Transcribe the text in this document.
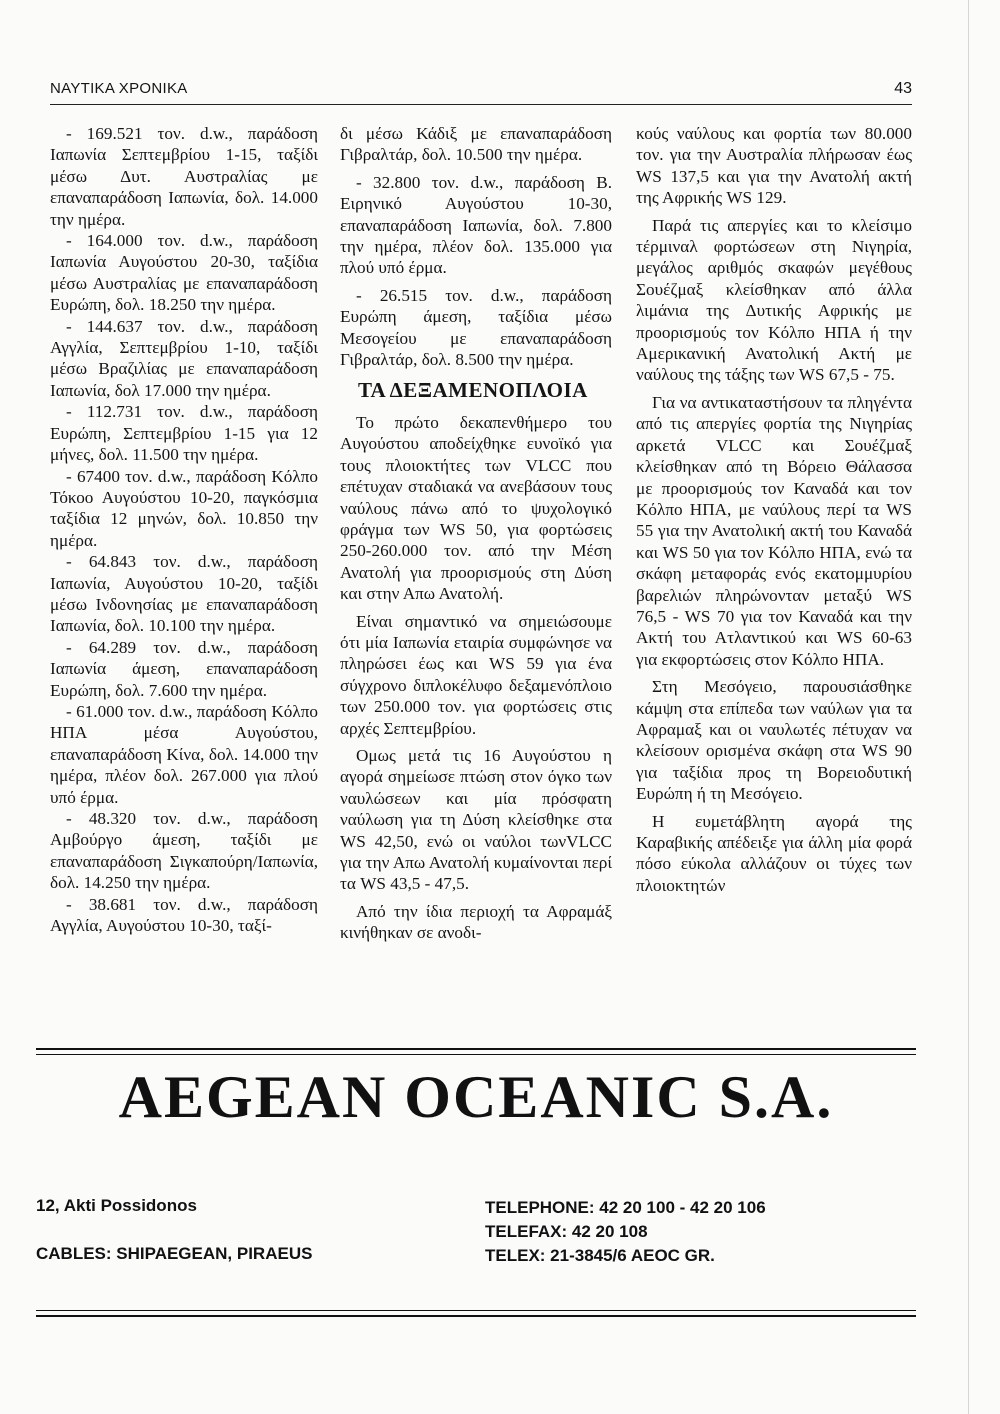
ΝΑΥΤΙΚΑ ΧΡΟΝΙΚΑ	43

- 169.521 τον. d.w., παράδοση Ιαπωνία Σεπτεμβρίου 1-15, ταξίδι μέσω Δυτ. Αυστραλίας με επαναπαράδοση Ιαπωνία, δολ. 14.000 την ημέρα.

- 164.000 τον. d.w., παράδοση Ιαπωνία Αυγούστου 20-30, ταξίδια μέσω Αυστραλίας με επαναπαράδοση Ευρώπη, δολ. 18.250 την ημέρα.

- 144.637 τον. d.w., παράδοση Αγγλία, Σεπτεμβρίου 1-10, ταξίδι μέσω Βραζιλίας με επαναπαράδοση Ιαπωνία, δολ 17.000 την ημέρα.

- 112.731 τον. d.w., παράδοση Ευρώπη, Σεπτεμβρίου 1-15 για 12 μήνες, δολ. 11.500 την ημέρα.

- 67400 τον. d.w., παράδοση Κόλπο Τόκοο Αυγούστου 10-20, παγκόσμια ταξίδια 12 μηνών, δολ. 10.850 την ημέρα.

- 64.843 τον. d.w., παράδοση Ιαπωνία, Αυγούστου 10-20, ταξίδι μέσω Ινδονησίας με επαναπαράδοση Ιαπωνία, δολ. 10.100 την ημέρα.

- 64.289 τον. d.w., παράδοση Ιαπωνία άμεση, επαναπαράδοση Ευρώπη, δολ. 7.600 την ημέρα.

- 61.000 τον. d.w., παράδοση Κόλπο ΗΠΑ μέσα Αυγούστου, επαναπαράδοση Κίνα, δολ. 14.000 την ημέρα, πλέον δολ. 267.000 για πλού υπό έρμα.

- 48.320 τον. d.w., παράδοση Αμβούργο άμεση, ταξίδι με επαναπαράδοση Σιγκαπούρη/Ιαπωνία, δολ. 14.250 την ημέρα.

- 38.681 τον. d.w., παράδοση Αγγλία, Αυγούστου 10-30, ταξί-

δι μέσω Κάδιξ με επαναπαράδοση Γιβραλτάρ, δολ. 10.500 την ημέρα.

- 32.800 τον. d.w., παράδοση Β. Ειρηνικό Αυγούστου 10-30, επαναπαράδοση Ιαπωνία, δολ. 7.800 την ημέρα, πλέον δολ. 135.000 για πλού υπό έρμα.

- 26.515 τον. d.w., παράδοση Ευρώπη άμεση, ταξίδια μέσω Μεσογείου με επαναπαράδοση Γιβραλτάρ, δολ. 8.500 την ημέρα.

ΤΑ ΔΕΞΑΜΕΝΟΠΛΟΙΑ

Το πρώτο δεκαπενθήμερο του Αυγούστου αποδείχθηκε ευνοϊκό για τους πλοιοκτήτες των VLCC που επέτυχαν σταδιακά να ανεβάσουν τους ναύλους πάνω από το ψυχολογικό φράγμα των WS 50, για φορτώσεις 250-260.000 τον. από την Μέση Ανατολή για προορισμούς στη Δύση και στην Απω Ανατολή.

Είναι σημαντικό να σημειώσουμε ότι μία Ιαπωνία εταιρία συμφώνησε να πληρώσει έως και WS 59 για ένα σύγχρονο διπλοκέλυφο δεξαμενόπλοιο των 250.000 τον. για φορτώσεις στις αρχές Σεπτεμβρίου.

Ομως μετά τις 16 Αυγούστου η αγορά σημείωσε πτώση στον όγκο των ναυλώσεων και μία πρόσφατη ναύλωση για τη Δύση κλείσθηκε στα WS 42,50, ενώ οι ναύλοι τωνVLCC για την Απω Ανατολή κυμαίνονται περί τα WS 43,5 - 47,5.

Από την ίδια περιοχή τα Αφραμάξ κινήθηκαν σε ανοδι-

κούς ναύλους και φορτία των 80.000 τον. για την Αυστραλία πλήρωσαν έως WS 137,5 και για την Ανατολή ακτή της Αφρικής WS 129.

Παρά τις απεργίες και το κλείσιμο τέρμιναλ φορτώσεων στη Νιγηρία, μεγάλος αριθμός σκαφών μεγέθους Σουέζμαξ κλείσθηκαν από άλλα λιμάνια της Δυτικής Αφρικής με προορισμούς τον Κόλπο ΗΠΑ ή την Αμερικανική Ανατολική Ακτή με ναύλους της τάξης των WS 67,5 - 75.

Για να αντικαταστήσουν τα πληγέντα από τις απεργίες φορτία της Νιγηρίας αρκετά VLCC και Σουέζμαξ κλείσθηκαν από τη Βόρειο Θάλασσα με προορισμούς τον Καναδά και τον Κόλπο ΗΠΑ, με ναύλους περί τα WS 55 για την Ανατολική ακτή του Καναδά και WS 50 για τον Κόλπο ΗΠΑ, ενώ τα σκάφη μεταφοράς ενός εκατομμυρίου βαρελιών πληρώνονταν μεταξύ WS 76,5 - WS 70 για τον Καναδά και την Ακτή του Ατλαντικού και WS 60-63 για εκφορτώσεις στον Κόλπο ΗΠΑ.

Στη Μεσόγειο, παρουσιάσθηκε κάμψη στα επίπεδα των ναύλων για τα Αφραμαξ και οι ναυλωτές πέτυχαν να κλείσουν ορισμένα σκάφη στα WS 90 για ταξίδια προς τη Βορειοδυτική Ευρώπη ή τη Μεσόγειο.

Η ευμετάβλητη αγορά της Καραβικής απέδειξε για άλλη μία φορά πόσο εύκολα αλλάζουν οι τύχες των πλοιοκτητών

AEGEAN OCEANIC S.A.
12, Akti Possidonos
CABLES: SHIPAEGEAN, PIRAEUS
TELEPHONE: 42 20 100 - 42 20 106
TELEFAX: 42 20 108
TELEX: 21-3845/6 AEOC GR.
